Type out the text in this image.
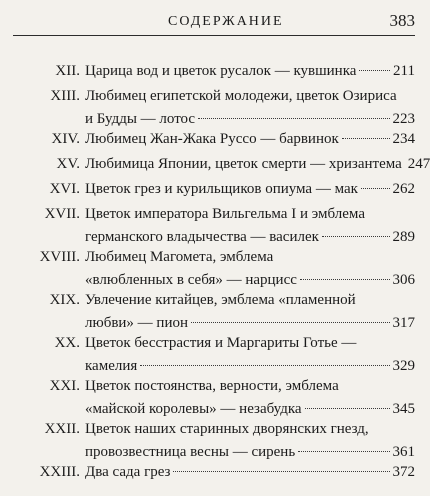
СОДЕРЖАНИЕ	383
XII. Царица вод и цветок русалок — кувшинка 211
XIII. Любимец египетской молодежи, цветок Озириса
и Будды — лотос	223
XIV. Любимец Жан-Жака Руссо — барвинок	234
XV. Любимица Японии, цветок смерти — хризантема 247
XVI. Цветок грез и курильщиков опиума — мак 262
XVII. Цветок императора Вильгельма I и эмблема
германского владычества — василек	289
XVIII. Любимец Магомета, эмблема
«влюбленных в себя» — нарцисс	306
XIX. Увлечение китайцев, эмблема «пламенной
любви» — пион	317
XX. Цветок бесстрастия и Маргариты Готье —
камелия	329
XXI. Цветок постоянства, верности, эмблема
«майской королевы» — незабудка	345
XXII. Цветок наших старинных дворянских гнезд,
провозвестница весны — сирень	361
XXIII. Два сада грез	372
